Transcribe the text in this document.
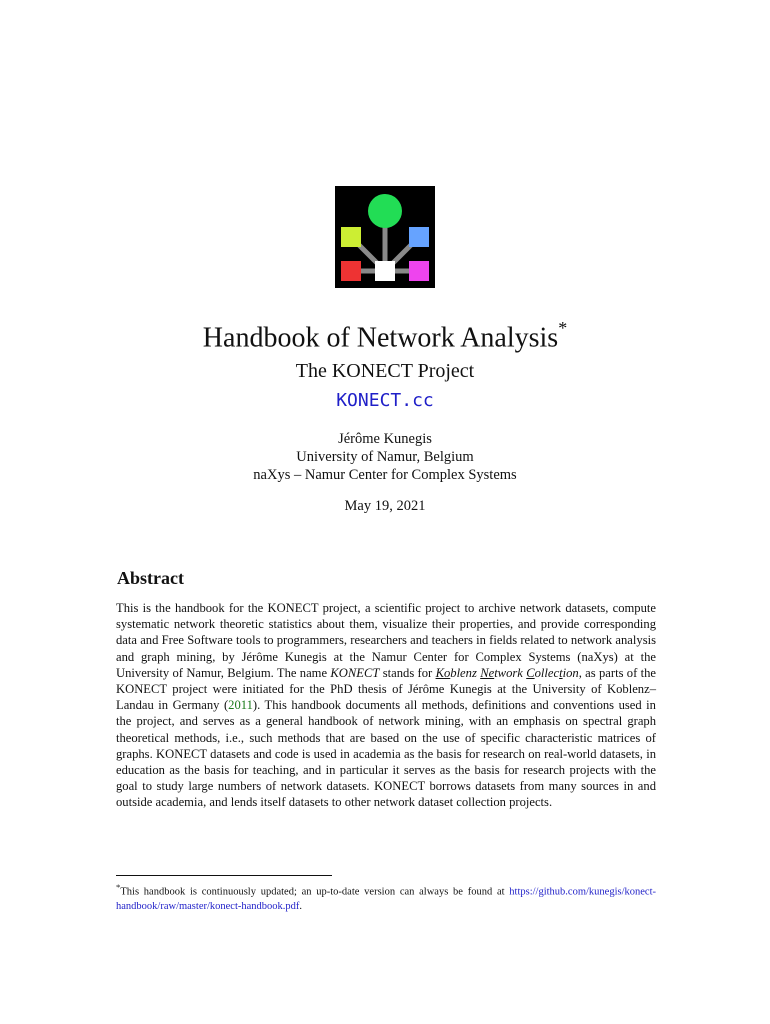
Handbook of Network Analysis*
The KONECT Project
KONECT.cc
Jérôme Kunegis
University of Namur, Belgium
naXys – Namur Center for Complex Systems
May 19, 2021
Abstract
This is the handbook for the KONECT project, a scientific project to archive network datasets, compute systematic network theoretic statistics about them, visualize their properties, and provide corresponding data and Free Software tools to programmers, researchers and teachers in fields related to network analysis and graph mining, by Jérôme Kunegis at the Namur Center for Complex Systems (naXys) at the University of Namur, Belgium. The name KONECT stands for Koblenz Network Collection, as parts of the KONECT project were initiated for the PhD thesis of Jérôme Kunegis at the University of Koblenz–Landau in Germany (2011). This handbook documents all methods, definitions and conventions used in the project, and serves as a general handbook of network mining, with an emphasis on spectral graph theoretical methods, i.e., such methods that are based on the use of specific characteristic matrices of graphs. KONECT datasets and code is used in academia as the basis for research on real-world datasets, in education as the basis for teaching, and in particular it serves as the basis for research projects with the goal to study large numbers of network datasets. KONECT borrows datasets from many sources in and outside academia, and lends itself datasets to other network dataset collection projects.
*This handbook is continuously updated; an up-to-date version can always be found at https://github.com/kunegis/konect-handbook/raw/master/konect-handbook.pdf.
